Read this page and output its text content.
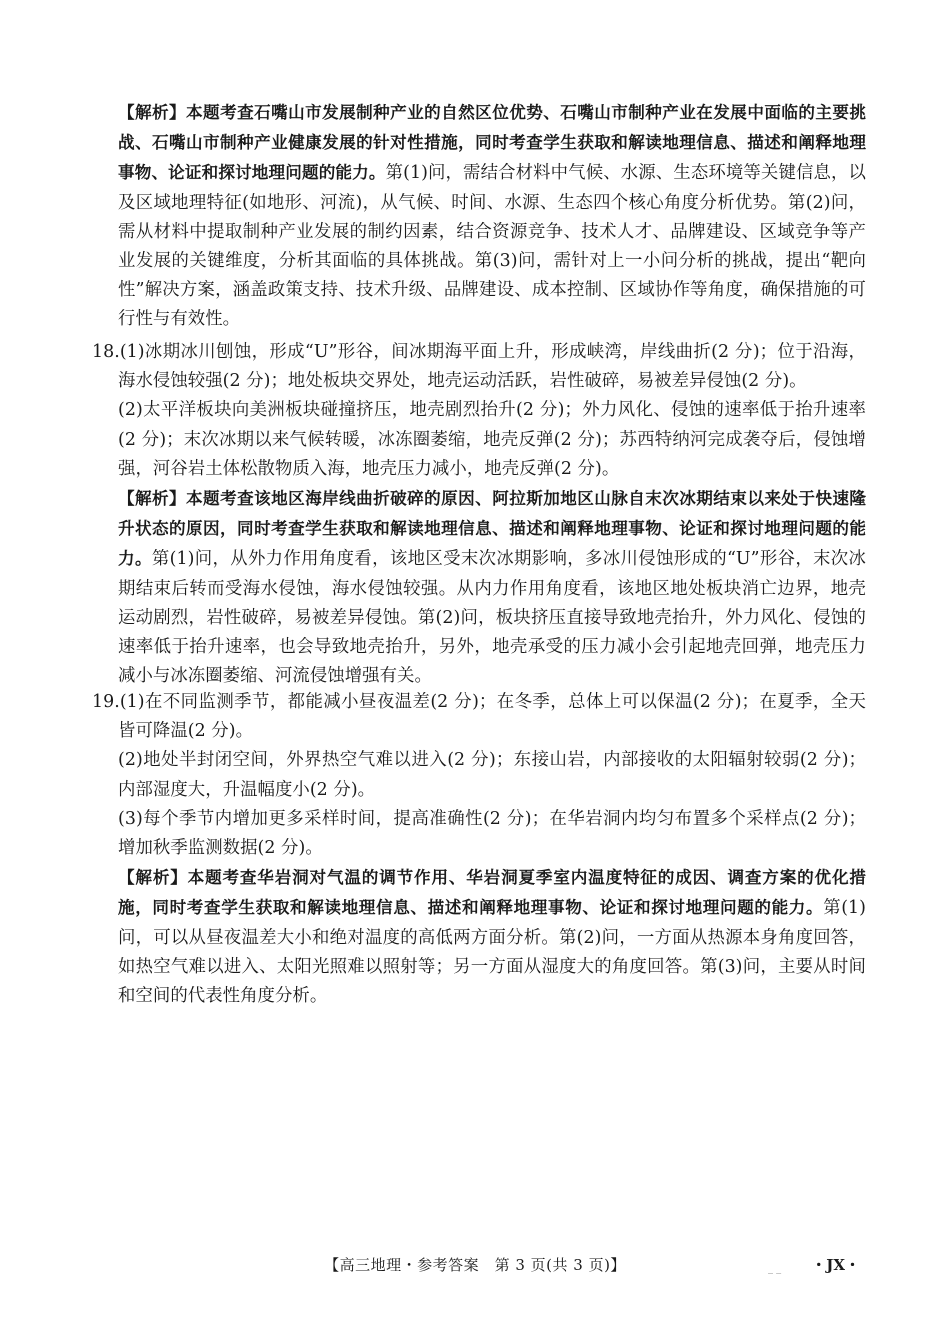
【解析】本题考查石嘴山市发展制种产业的自然区位优势、石嘴山市制种产业在发展中面临的主要挑战、石嘴山市制种产业健康发展的针对性措施，同时考查学生获取和解读地理信息、描述和阐释地理事物、论证和探讨地理问题的能力。第(1)问，需结合材料中气候、水源、生态环境等关键信息，以及区域地理特征(如地形、河流)，从气候、时间、水源、生态四个核心角度分析优势。第(2)问，需从材料中提取制种产业发展的制约因素，结合资源竞争、技术人才、品牌建设、区域竞争等产业发展的关键维度，分析其面临的具体挑战。第(3)问，需针对上一小问分析的挑战，提出“靶向性”解决方案，涵盖政策支持、技术升级、品牌建设、成本控制、区域协作等角度，确保措施的可行性与有效性。

18.(1)冰期冰川刨蚀，形成“U”形谷，间冰期海平面上升，形成峡湾，岸线曲折(2 分)；位于沿海，海水侵蚀较强(2 分)；地处板块交界处，地壳运动活跃，岩性破碎，易被差异侵蚀(2 分)。

(2)太平洋板块向美洲板块碰撞挤压，地壳剧烈抬升(2 分)；外力风化、侵蚀的速率低于抬升速率(2 分)；末次冰期以来气候转暖，冰冻圈萎缩，地壳反弹(2 分)；苏西特纳河完成袭夺后，侵蚀增强，河谷岩土体松散物质入海，地壳压力减小，地壳反弹(2 分)。

【解析】本题考查该地区海岸线曲折破碎的原因、阿拉斯加地区山脉自末次冰期结束以来处于快速隆升状态的原因，同时考查学生获取和解读地理信息、描述和阐释地理事物、论证和探讨地理问题的能力。第(1)问，从外力作用角度看，该地区受末次冰期影响，多冰川侵蚀形成的“U”形谷，末次冰期结束后转而受海水侵蚀，海水侵蚀较强。从内力作用角度看，该地区地处板块消亡边界，地壳运动剧烈，岩性破碎，易被差异侵蚀。第(2)问，板块挤压直接导致地壳抬升，外力风化、侵蚀的速率低于抬升速率，也会导致地壳抬升，另外，地壳承受的压力减小会引起地壳回弹，地壳压力减小与冰冻圈萎缩、河流侵蚀增强有关。

19.(1)在不同监测季节，都能减小昼夜温差(2 分)；在冬季，总体上可以保温(2 分)；在夏季，全天皆可降温(2 分)。

(2)地处半封闭空间，外界热空气难以进入(2 分)；东接山岩，内部接收的太阳辐射较弱(2 分)；内部湿度大，升温幅度小(2 分)。

(3)每个季节内增加更多采样时间，提高准确性(2 分)；在华岩洞内均匀布置多个采样点(2 分)；增加秋季监测数据(2 分)。

【解析】本题考查华岩洞对气温的调节作用、华岩洞夏季室内温度特征的成因、调查方案的优化措施，同时考查学生获取和解读地理信息、描述和阐释地理事物、论证和探讨地理问题的能力。第(1)问，可以从昼夜温差大小和绝对温度的高低两方面分析。第(2)问，一方面从热源本身角度回答，如热空气难以进入、太阳光照难以照射等；另一方面从湿度大的角度回答。第(3)问，主要从时间和空间的代表性角度分析。

【高三地理・参考答案　第 3 页(共 3 页)】	_ _ ・JX・
